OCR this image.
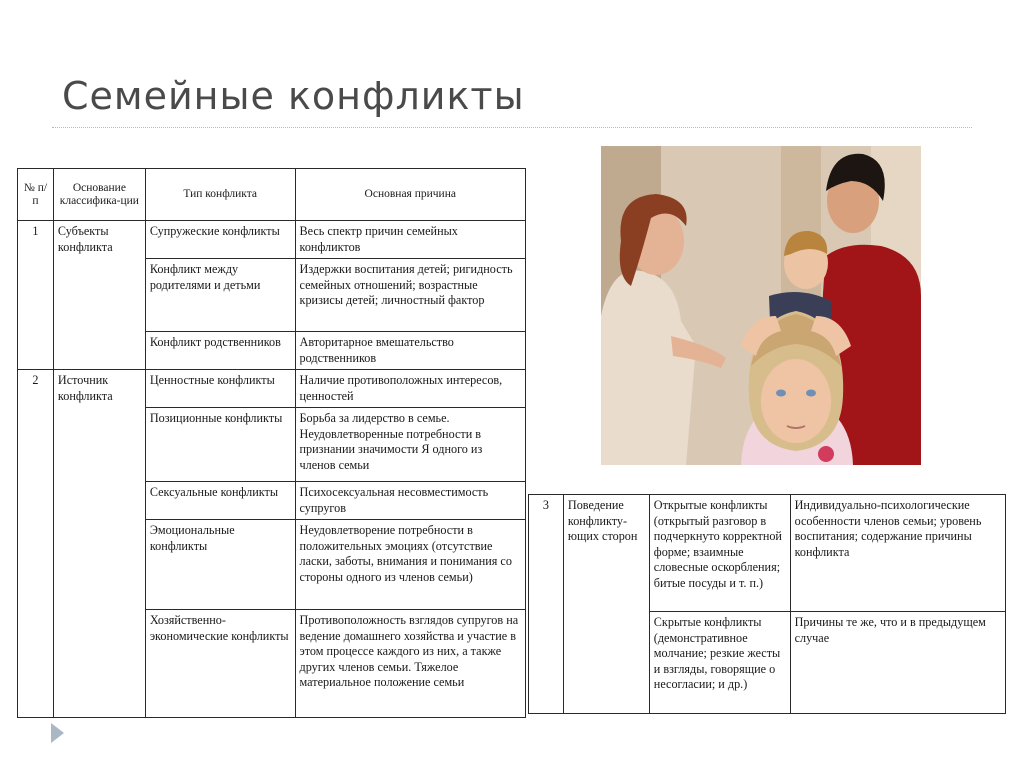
Семейные конфликты
№ п/п	Основание классифика-ции	Тип конфликта	Основная причина
1	Субъекты конфликта	Супружеские конфликты	Весь спектр причин семейных конфликтов
		Конфликт между родителями и детьми	Издержки воспитания детей; ригидность семейных отношений; возрастные кризисы детей; личностный фактор
		Конфликт родственников	Авторитарное вмешательство родственников
2	Источник конфликта	Ценностные конфликты	Наличие противоположных интересов, ценностей
		Позиционные конфликты	Борьба за лидерство в семье. Неудовлетворенные потребности в признании значимости Я одного из членов семьи
		Сексуальные конфликты	Психосексуальная несовместимость супругов
		Эмоциональные конфликты	Неудовлетворение потребности в положительных эмоциях (отсутствие ласки, заботы, внимания и понимания со стороны одного из членов семьи)
		Хозяйственно-экономические конфликты	Противоположность взглядов супругов на ведение домашнего хозяйства и участие в этом процессе каждого из них, а также других членов семьи. Тяжелое материальное положение семьи
3	Поведение конфликту-ющих сторон	Открытые конфликты (открытый разговор в подчеркнуто корректной форме; взаимные словесные оскорбления; битые посуды и т. п.)	Индивидуально-психологические особенности членов семьи; уровень воспитания; содержание причины конфликта
		Скрытые конфликты (демонстративное молчание; резкие жесты и взгляды, говорящие о несогласии; и др.)	Причины те же, что и в предыдущем случае
